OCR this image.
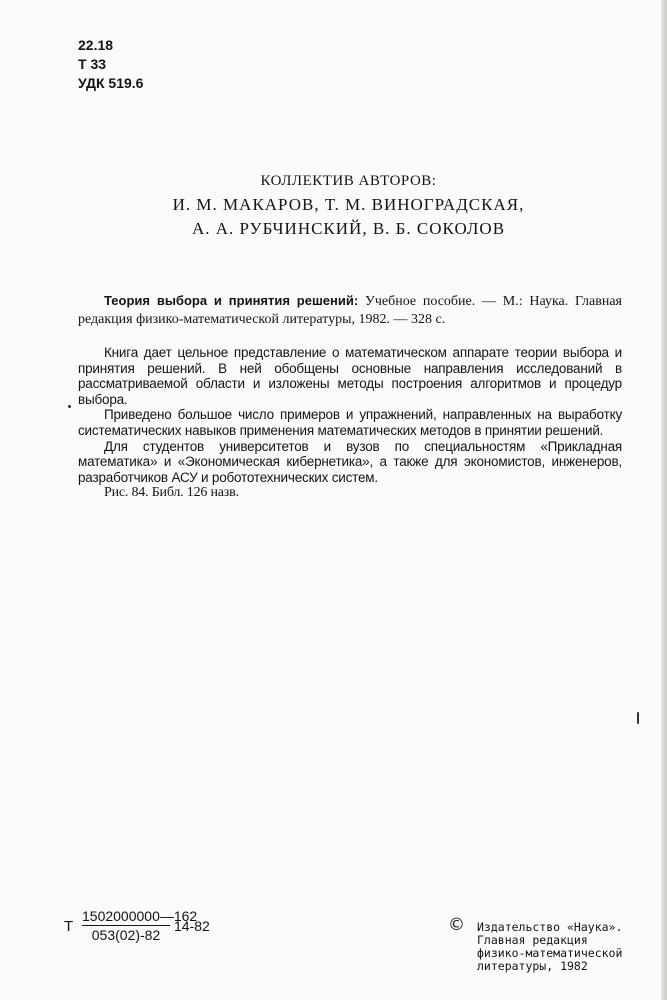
22.18
Т 33
УДК 519.6
КОЛЛЕКТИВ АВТОРОВ:
И. М. МАКАРОВ, Т. М. ВИНОГРАДСКАЯ,
А. А. РУБЧИНСКИЙ, В. Б. СОКОЛОВ
Теория выбора и принятия решений: Учебное пособие. — М.: Наука. Главная редакция физико-математической литературы, 1982. — 328 с.

Книга дает цельное представление о математическом аппарате теории выбора и принятия решений. В ней обобщены основные направления исследований в рассматриваемой области и изложены методы построения алгоритмов и процедур выбора.

Приведено большое число примеров и упражнений, направленных на выработку систематических навыков применения математических методов в принятии решений.

Для студентов университетов и вузов по специальностям «Прикладная математика» и «Экономическая кибернетика», а также для экономистов, инженеров, разработчиков АСУ и робототехнических систем.

Рис. 84. Библ. 126 назв.

Т $\frac{1502000000—162}{053(02)-82} 14-82$	© Издательство «Наука».
Главная редакция
физико-математической
литературы, 1982
